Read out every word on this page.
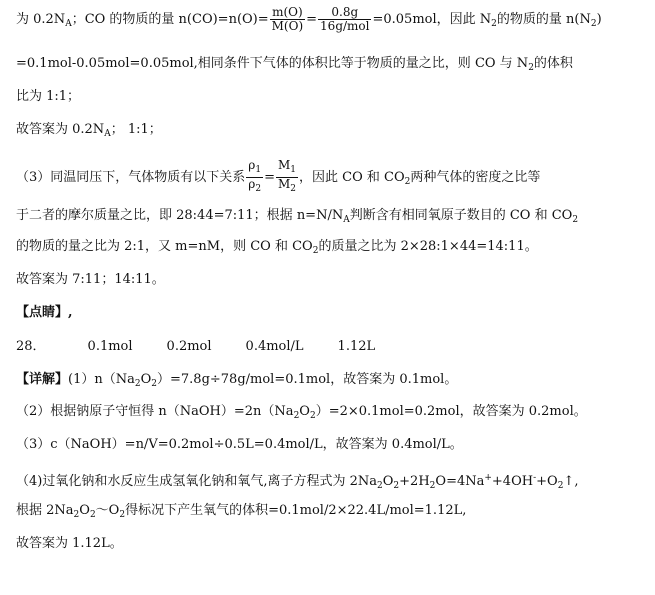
为 $0.2N_A$；CO 的物质的量 $n(CO)=n(O)= \frac{m(O)}{M(O)} = \frac{0.8g}{\text{16g/mol}} =0.05mol$，因此 $N_2$的物质的量 $n(N_2)$
=0.1mol-0.05mol=0.05mol,相同条件下气体的体积比等于物质的量之比，则 CO 与 $N_2$的体积
比为 1:1；
故答案为 $0.2N_A$； 1:1；
（3）同温同压下，气体物质有以下关系 $\frac{\rho_1}{\rho_2} = \frac{M_1}{M_2}$ ，因此 CO 和 $CO_2$两种气体的密度之比等
于二者的摩尔质量之比，即 28:44=7:11；根据 $n=N/N_A$判断含有相同氧原子数目的 CO 和 $CO_2$
的物质的量之比为 2:1，又 m=nM，则 CO 和 $CO_2$的质量之比为 2×28:1×44=14:11。
故答案为 7:11；14:11。
【点睛】,
28．	0.1mol	0.2mol	0.4mol/L	1.12L
【详解】$(1)n(Na_2O_2)=7.8g\div 78g/mol=0.1mol$，故答案为 0.1mol。
（2）根据钠原子守恒得 $n(NaOH)=2n(Na_2O_2)=2\times 0.1mol=0.2mol$，故答案为 0.2mol。
（3）c（NaOH）=n/V=0.2mol÷0.5L=0.4mol/L，故答案为 0.4mol/L。
（4)过氧化钠和水反应生成氢氧化钠和氧气,离子方程式为 $2Na_2O_2+2H_2O=4Na^++4OH^-+O_2↑$,
根据 $2Na_2O_2\sim O_2$得标况下产生氧气的体积=0.1mol/2×22.4L/mol=1.12L,
故答案为 1.12L。
